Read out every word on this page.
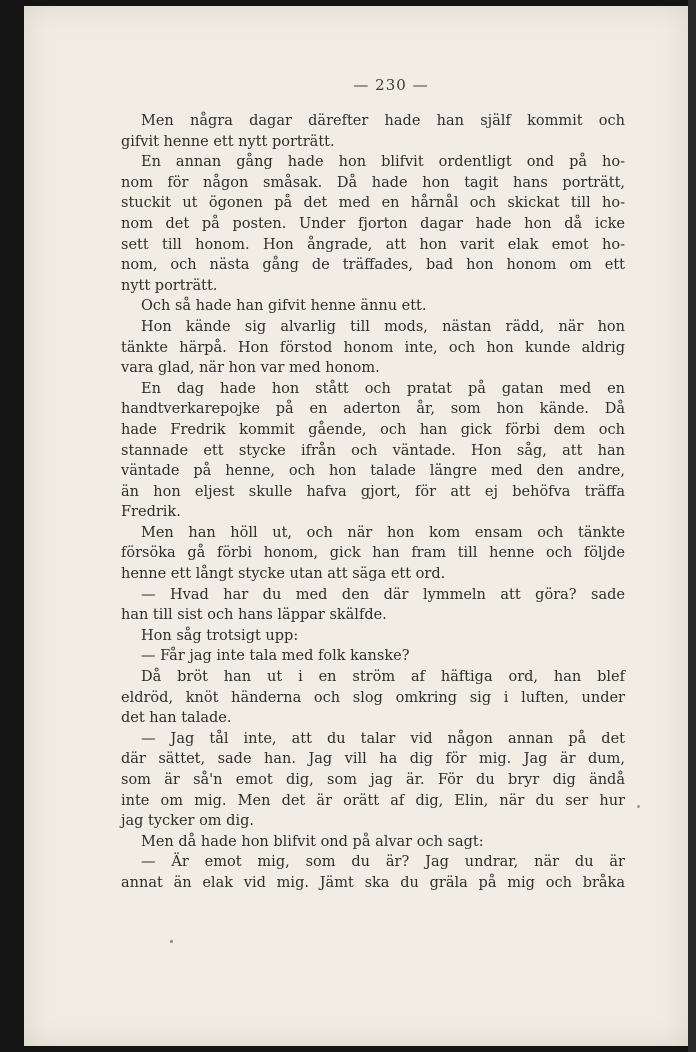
— 230 —
Men några dagar därefter hade han själf kommit och
gifvit henne ett nytt porträtt.
En annan gång hade hon blifvit ordentligt ond på ho-
nom för någon småsak. Då hade hon tagit hans porträtt,
stuckit ut ögonen på det med en hårnål och skickat till ho-
nom det på posten. Under fjorton dagar hade hon då icke
sett till honom. Hon ångrade, att hon varit elak emot ho-
nom, och nästa gång de träffades, bad hon honom om ett
nytt porträtt.
Och så hade han gifvit henne ännu ett.
Hon kände sig alvarlig till mods, nästan rädd, när hon
tänkte härpå. Hon förstod honom inte, och hon kunde aldrig
vara glad, när hon var med honom.
En dag hade hon stått och pratat på gatan med en
handtverkarepojke på en aderton år, som hon kände. Då
hade Fredrik kommit gående, och han gick förbi dem och
stannade ett stycke ifrån och väntade. Hon såg, att han
väntade på henne, och hon talade längre med den andre,
än hon eljest skulle hafva gjort, för att ej behöfva träffa
Fredrik.
Men han höll ut, och när hon kom ensam och tänkte
försöka gå förbi honom, gick han fram till henne och följde
henne ett långt stycke utan att säga ett ord.
— Hvad har du med den där lymmeln att göra? sade
han till sist och hans läppar skälfde.
Hon såg trotsigt upp:
— Får jag inte tala med folk kanske?
Då bröt han ut i en ström af häftiga ord, han blef
eldröd, knöt händerna och slog omkring sig i luften, under
det han talade.
— Jag tål inte, att du talar vid någon annan på det
där sättet, sade han. Jag vill ha dig för mig. Jag är dum,
som är så'n emot dig, som jag är. För du bryr dig ändå
inte om mig. Men det är orätt af dig, Elin, när du ser hur
jag tycker om dig.
Men då hade hon blifvit ond på alvar och sagt:
— Är emot mig, som du är? Jag undrar, när du är
annat än elak vid mig. Jämt ska du gräla på mig och bråka
